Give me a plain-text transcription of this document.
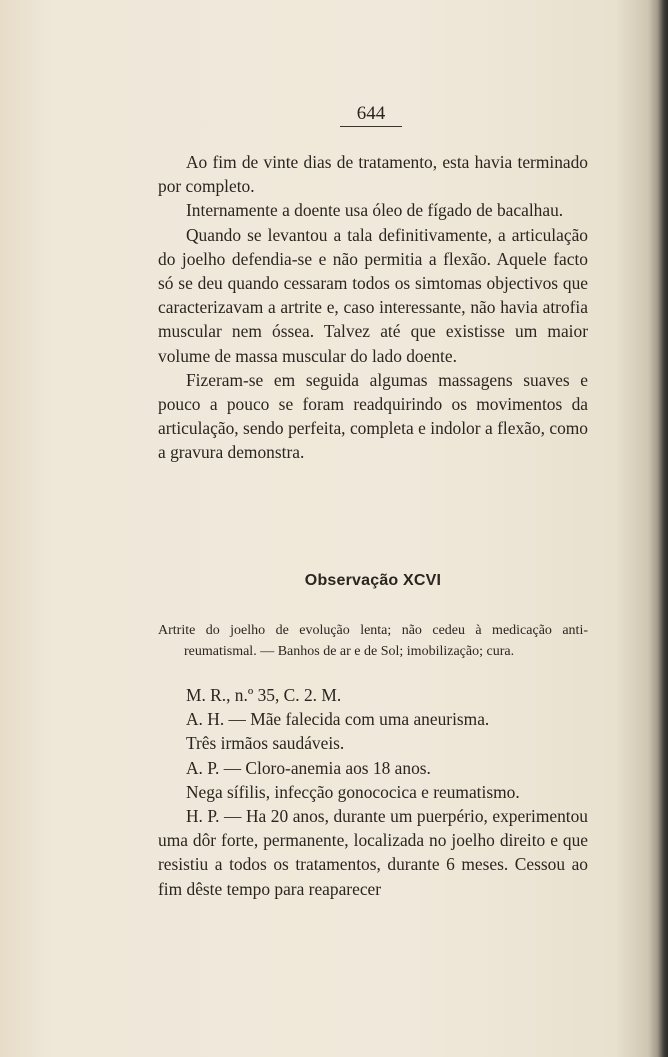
644

Ao fim de vinte dias de tratamento, esta havia terminado por completo.

Internamente a doente usa óleo de fígado de bacalhau.

Quando se levantou a tala definitivamente, a articulação do joelho defendia-se e não permitia a flexão. Aquele facto só se deu quando cessaram todos os simtomas objectivos que caracterizavam a artrite e, caso interessante, não havia atrofia muscular nem óssea. Talvez até que existisse um maior volume de massa muscular do lado doente.

Fizeram-se em seguida algumas massagens suaves e pouco a pouco se foram readquirindo os movimentos da articulação, sendo perfeita, completa e indolor a flexão, como a gravura demonstra.

Observação XCVI

Artrite do joelho de evolução lenta; não cedeu à medicação anti-reumatismal. — Banhos de ar e de Sol; imobilização; cura.

M. R., n.º 35, C. 2. M.
A. H. — Mãe falecida com uma aneurisma.
Três irmãos saudáveis.
A. P. — Cloro-anemia aos 18 anos.
Nega sífilis, infecção gonococica e reumatismo.

H. P. — Ha 20 anos, durante um puerpério, experimentou uma dôr forte, permanente, localizada no joelho direito e que resistiu a todos os tratamentos, durante 6 meses. Cessou ao fim dêste tempo para reaparecer
